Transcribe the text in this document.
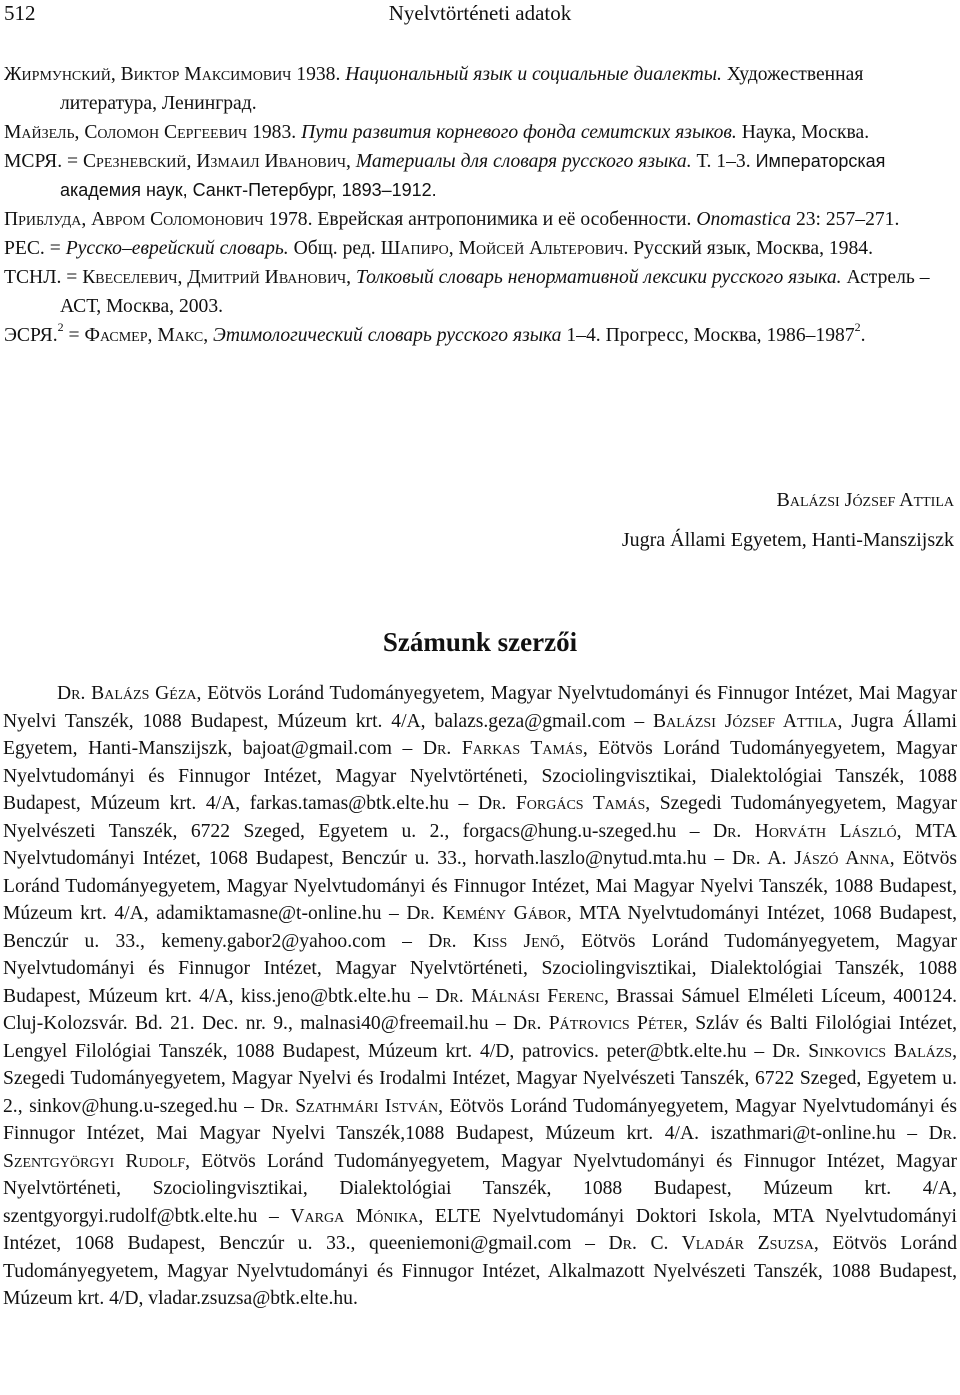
512	Nyelvtörténeti adatok

Жирмунский, Виктор Максимович 1938. Национальный язык и социальные диалекты. Художественная литература, Ленинград.

Майзель, Соломон Сергеевич 1983. Пути развития корневого фонда семитских языков. Наука, Москва.

МСРЯ. = Срезневский, Измаил Иванович, Материалы для словаря русского языка. Т. 1–3. Императорская академия наук, Санкт-Петербург, 1893–1912.

Приблуда, Авром Соломонович 1978. Еврейская антропонимика и её особенности. Onomastica 23: 257–271.

РЕС. = Русско–еврейский словарь. Общ. ред. Шапиро, Мойсей Альтерович. Русский язык, Москва, 1984.

ТСНЛ. = Квеселевич, Дмитрий Иванович, Толковый словарь ненормативной лексики русского языка. Астрель – АСТ, Москва, 2003.

ЭСРЯ.$^2$ = Фасмер, Макс, Этимологический словарь русского языка 1–4. Прогресс, Москва, 1986–1987$^2$.

Balázsi József Attila
Jugra Állami Egyetem, Hanti-Manszijszk
Számunk szerzői

Dr. Balázs Géza, Eötvös Loránd Tudományegyetem, Magyar Nyelvtudományi és Finnugor Intézet, Mai Magyar Nyelvi Tanszék, 1088 Budapest, Múzeum krt. 4/A, balazs.geza@gmail.com – Balázsi József Attila, Jugra Állami Egyetem, Hanti-Manszijszk, bajoat@gmail.com – Dr. Farkas Tamás, Eötvös Loránd Tudományegyetem, Magyar Nyelvtudományi és Finnugor Intézet, Magyar Nyelvtörténeti, Szociolingvisztikai, Dialektológiai Tanszék, 1088 Budapest, Múzeum krt. 4/A, farkas.tamas@btk.elte.hu – Dr. Forgács Tamás, Szegedi Tudományegyetem, Magyar Nyelvészeti Tanszék, 6722 Szeged, Egyetem u. 2., forgacs@hung.u-szeged.hu – Dr. Horváth László, MTA Nyelvtudományi Intézet, 1068 Budapest, Benczúr u. 33., horvath.laszlo@nytud.mta.hu – Dr. A. Jászó Anna, Eötvös Loránd Tudományegyetem, Magyar Nyelvtudományi és Finnugor Intézet, Mai Magyar Nyelvi Tanszék, 1088 Budapest, Múzeum krt. 4/A, adamiktamasne@t-online.hu – Dr. Kemény Gábor, MTA Nyelvtudományi Intézet, 1068 Budapest, Benczúr u. 33., kemeny.gabor2@yahoo.com – Dr. Kiss Jenő, Eötvös Loránd Tudományegyetem, Magyar Nyelvtudományi és Finnugor Intézet, Magyar Nyelvtörténeti, Szociolingvisztikai, Dialektológiai Tanszék, 1088 Budapest, Múzeum krt. 4/A, kiss.jeno@btk.elte.hu – Dr. Málnási Ferenc, Brassai Sámuel Elméleti Líceum, 400124. Cluj-Kolozsvár. Bd. 21. Dec. nr. 9., malnasi40@freemail.hu – Dr. Pátrovics Péter, Szláv és Balti Filológiai Intézet, Lengyel Filológiai Tanszék, 1088 Budapest, Múzeum krt. 4/D, patrovics. peter@btk.elte.hu – Dr. Sinkovics Balázs, Szegedi Tudományegyetem, Magyar Nyelvi és Irodalmi Intézet, Magyar Nyelvészeti Tanszék, 6722 Szeged, Egyetem u. 2., sinkov@hung.u-szeged.hu – Dr. Szathmári István, Eötvös Loránd Tudományegyetem, Magyar Nyelvtudományi és Finnugor Intézet, Mai Magyar Nyelvi Tanszék,1088 Budapest, Múzeum krt. 4/A. iszathmari@t-online.hu – Dr. Szentgyörgyi Rudolf, Eötvös Loránd Tudományegyetem, Magyar Nyelvtudományi és Finnugor Intézet, Magyar Nyelvtörténeti, Szociolingvisztikai, Dialektológiai Tanszék, 1088 Budapest, Múzeum krt. 4/A, szentgyorgyi.rudolf@btk.elte.hu – Varga Mónika, ELTE Nyelvtudományi Doktori Iskola, MTA Nyelvtudományi Intézet, 1068 Budapest, Benczúr u. 33., queeniemoni@gmail.com – Dr. C. Vladár Zsuzsa, Eötvös Loránd Tudományegyetem, Magyar Nyelvtudományi és Finnugor Intézet, Alkalmazott Nyelvészeti Tanszék, 1088 Budapest, Múzeum krt. 4/D, vladar.zsuzsa@btk.elte.hu.
